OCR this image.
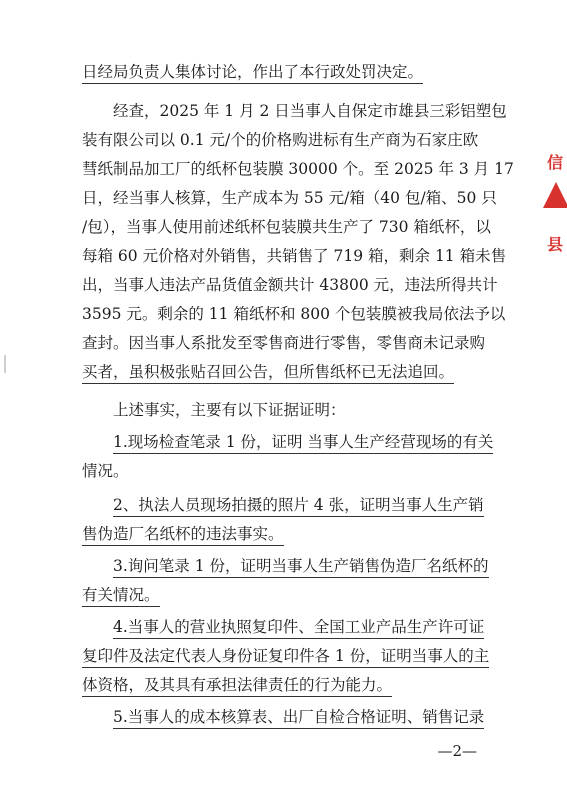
日经局负责人集体讨论，作出了本行政处罚决定。
经查，2025 年 1 月 2 日当事人自保定市雄县三彩铝塑包
装有限公司以 0.1 元/个的价格购进标有生产商为石家庄欧
彗纸制品加工厂的纸杯包装膜 30000 个。至 2025 年 3 月 17
日，经当事人核算，生产成本为 55 元/箱（40 包/箱、50 只
/包），当事人使用前述纸杯包装膜共生产了 730 箱纸杯，以
每箱 60 元价格对外销售，共销售了 719 箱，剩余 11 箱未售
出，当事人违法产品货值金额共计 43800 元，违法所得共计
3595 元。剩余的 11 箱纸杯和 800 个包装膜被我局依法予以
查封。因当事人系批发至零售商进行零售，零售商未记录购
买者，虽积极张贴召回公告，但所售纸杯已无法追回。
上述事实，主要有以下证据证明：
1.现场检查笔录 1 份，证明 当事人生产经营现场的有关
情况。
2、执法人员现场拍摄的照片 4 张，证明当事人生产销
售伪造厂名纸杯的违法事实。
3.询问笔录 1 份，证明当事人生产销售伪造厂名纸杯的
有关情况。
4.当事人的营业执照复印件、全国工业产品生产许可证
复印件及法定代表人身份证复印件各 1 份，证明当事人的主
体资格，及其具有承担法律责任的行为能力。
5.当事人的成本核算表、出厂自检合格证明、销售记录
信
县
—2—
